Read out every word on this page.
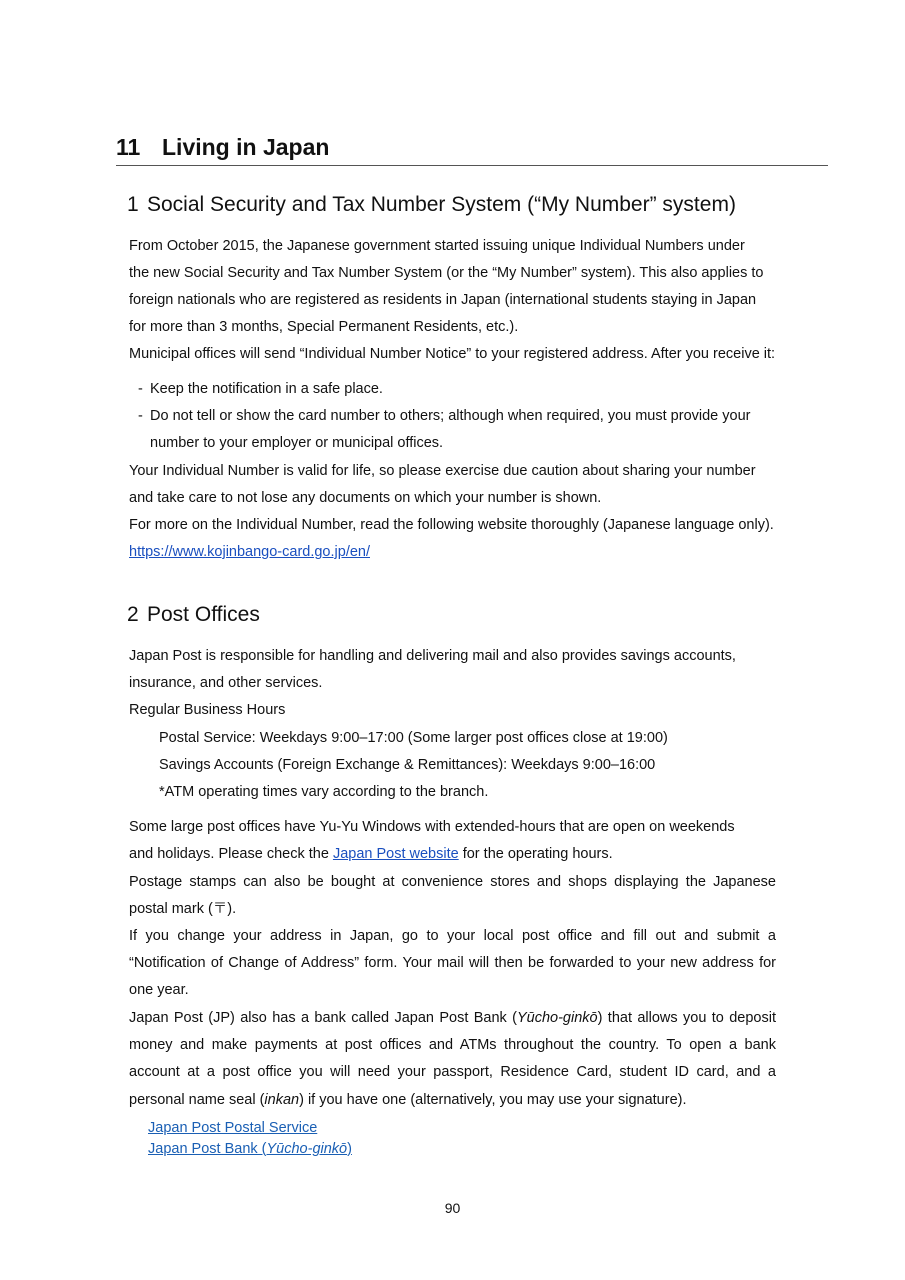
11 Living in Japan
1 Social Security and Tax Number System (“My Number” system)
From October 2015, the Japanese government started issuing unique Individual Numbers under
the new Social Security and Tax Number System (or the “My Number” system). This also applies to
foreign nationals who are registered as residents in Japan (international students staying in Japan
for more than 3 months, Special Permanent Residents, etc.).
Municipal offices will send “Individual Number Notice” to your registered address. After you receive it:
- Keep the notification in a safe place.
- Do not tell or show the card number to others; although when required, you must provide your
number to your employer or municipal offices.
Your Individual Number is valid for life, so please exercise due caution about sharing your number
and take care to not lose any documents on which your number is shown.
For more on the Individual Number, read the following website thoroughly (Japanese language only).
https://www.kojinbango-card.go.jp/en/
2 Post Offices
Japan Post is responsible for handling and delivering mail and also provides savings accounts,
insurance, and other services.
Regular Business Hours
Postal Service: Weekdays 9:00–17:00 (Some larger post offices close at 19:00)
Savings Accounts (Foreign Exchange & Remittances): Weekdays 9:00–16:00
*ATM operating times vary according to the branch.
Some large post offices have Yu-Yu Windows with extended-hours that are open on weekends
and holidays. Please check the Japan Post website for the operating hours.
Postage stamps can also be bought at convenience stores and shops displaying the Japanese postal mark (〒).
If you change your address in Japan, go to your local post office and fill out and submit a “Notification of Change of Address” form. Your mail will then be forwarded to your new address for one year.
Japan Post (JP) also has a bank called Japan Post Bank (Yūcho-ginkō) that allows you to deposit money and make payments at post offices and ATMs throughout the country. To open a bank account at a post office you will need your passport, Residence Card, student ID card, and a personal name seal (inkan) if you have one (alternatively, you may use your signature).
Japan Post Postal Service
Japan Post Bank (Yūcho-ginkō)
90
